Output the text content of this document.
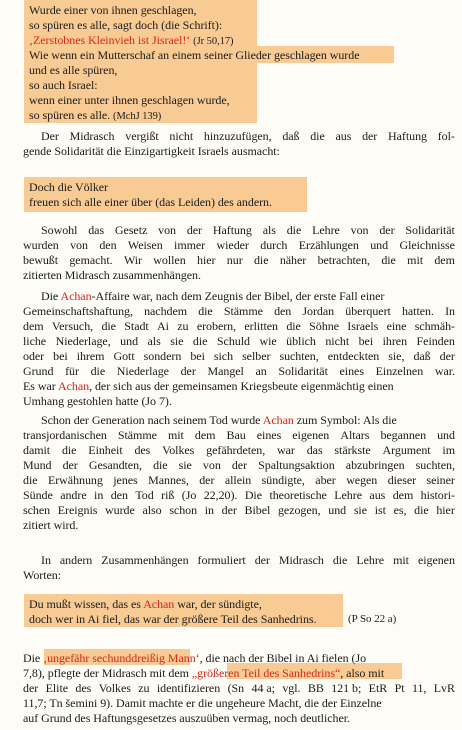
Wurde einer von ihnen geschlagen,
so spüren es alle, sagt doch (die Schrift):
‚Zerstobnes Kleinvieh ist Jisrael!‘ (Jr 50,17)
Wie wenn ein Mutterschaf an einem seiner Glieder geschlagen wurde
und es alle spüren,
so auch Israel:
wenn einer unter ihnen geschlagen wurde,
so spüren es alle. (MchJ 139)
Der Midrasch vergißt nicht hinzuzufügen, daß die aus der Haftung fol-
gende Solidarität die Einzigartigkeit Israels ausmacht:
Doch die Völker
freuen sich alle einer über (das Leiden) des andern.
Sowohl das Gesetz von der Haftung als die Lehre von der Solidarität
wurden von den Weisen immer wieder durch Erzählungen und Gleichnisse
bewußt gemacht. Wir wollen hier nur die näher betrachten, die mit dem
zitierten Midrasch zusammenhängen.
Die Achan-Affaire war, nach dem Zeugnis der Bibel, der erste Fall einer
Gemeinschaftshaftung, nachdem die Stämme den Jordan überquert hatten. In
dem Versuch, die Stadt Ai zu erobern, erlitten die Söhne Israels eine schmäh-
liche Niederlage, und als sie die Schuld wie üblich nicht bei ihren Feinden
oder bei ihrem Gott sondern bei sich selber suchten, entdeckten sie, daß der
Grund für die Niederlage der Mangel an Solidarität eines Einzelnen war.
Es war Achan, der sich aus der gemeinsamen Kriegsbeute eigenmächtig einen
Umhang gestohlen hatte (Jo 7).
Schon der Generation nach seinem Tod wurde Achan zum Symbol: Als die
transjordanischen Stämme mit dem Bau eines eigenen Altars begannen und
damit die Einheit des Volkes gefährdeten, war das stärkste Argument im
Mund der Gesandten, die sie von der Spaltungsaktion abzubringen suchten,
die Erwähnung jenes Mannes, der allein sündigte, aber wegen dieser seiner
Sünde andre in den Tod riß (Jo 22,20). Die theoretische Lehre aus dem histori-
schen Ereignis wurde also schon in der Bibel gezogen, und sie ist es, die hier
zitiert wird.
In andern Zusammenhängen formuliert der Midrasch die Lehre mit eigenen
Worten:
Du mußt wissen, das es Achan war, der sündigte,
doch wer in Ai fiel, das war der größere Teil des Sanhedrins.	(P So 22 a)
Die ‚ungefähr sechunddreißig Mann‘, die nach der Bibel in Ai fielen (Jo
7,8), pflegte der Midrasch mit dem „größeren Teil des Sanhedrins“, also mit
der Elite des Volkes zu identifizieren (Sn 44 a; vgl. BB 121 b; EtR Pt 11, LvR
11,7; Tn šemini 9). Damit machte er die ungeheure Macht, die der Einzelne
auf Grund des Haftungsgesetzes auszuüben vermag, noch deutlicher.
